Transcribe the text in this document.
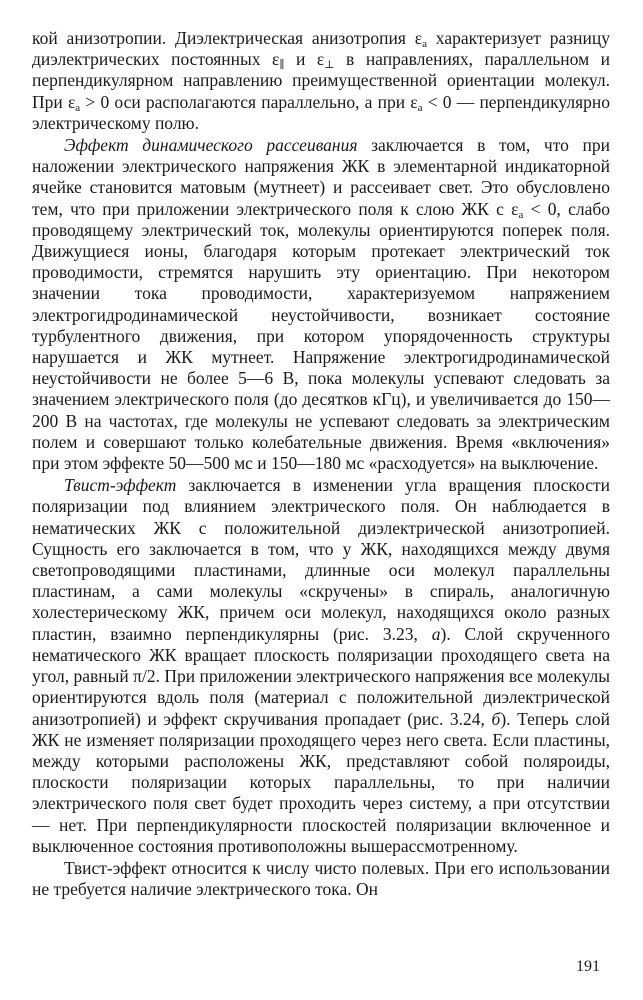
кой анизотропии. Диэлектрическая анизотропия $\varepsilon_a$ характеризует разницу диэлектрических постоянных $\varepsilon_\parallel$ и $\varepsilon_\perp$ в направлениях, параллельном и перпендикулярном направлению преимущественной ориентации молекул. При $\varepsilon_a > 0$ оси располагаются параллельно, а при $\varepsilon_a < 0$ — перпендикулярно электрическому полю.

Эффект динамического рассеивания заключается в том, что при наложении электрического напряжения ЖК в элементарной индикаторной ячейке становится матовым (мутнеет) и рассеивает свет. Это обусловлено тем, что при приложении электрического поля к слою ЖК с $\varepsilon_a < 0$, слабо проводящему электрический ток, молекулы ориентируются поперек поля. Движущиеся ионы, благодаря которым протекает электрический ток проводимости, стремятся нарушить эту ориентацию. При некотором значении тока проводимости, характеризуемом напряжением электрогидродинамической неустойчивости, возникает состояние турбулентного движения, при котором упорядоченность структуры нарушается и ЖК мутнеет. Напряжение электрогидродинамической неустойчивости не более 5—6 В, пока молекулы успевают следовать за значением электрического поля (до десятков кГц), и увеличивается до 150—200 В на частотах, где молекулы не успевают следовать за электрическим полем и совершают только колебательные движения. Время «включения» при этом эффекте 50—500 мс и 150—180 мс «расходуется» на выключение.

Твист-эффект заключается в изменении угла вращения плоскости поляризации под влиянием электрического поля. Он наблюдается в нематических ЖК с положительной диэлектрической анизотропией. Сущность его заключается в том, что у ЖК, находящихся между двумя светопроводящими пластинами, длинные оси молекул параллельны пластинам, а сами молекулы «скручены» в спираль, аналогичную холестерическому ЖК, причем оси молекул, находящихся около разных пластин, взаимно перпендикулярны (рис. 3.23, а). Слой скрученного нематического ЖК вращает плоскость поляризации проходящего света на угол, равный π/2. При приложении электрического напряжения все молекулы ориентируются вдоль поля (материал с положительной диэлектрической анизотропией) и эффект скручивания пропадает (рис. 3.24, б). Теперь слой ЖК не изменяет поляризации проходящего через него света. Если пластины, между которыми расположены ЖК, представляют собой поляроиды, плоскости поляризации которых параллельны, то при наличии электрического поля свет будет проходить через систему, а при отсутствии — нет. При перпендикулярности плоскостей поляризации включенное и выключенное состояния противоположны вышерассмотренному.

Твист-эффект относится к числу чисто полевых. При его использовании не требуется наличие электрического тока. Он

191
